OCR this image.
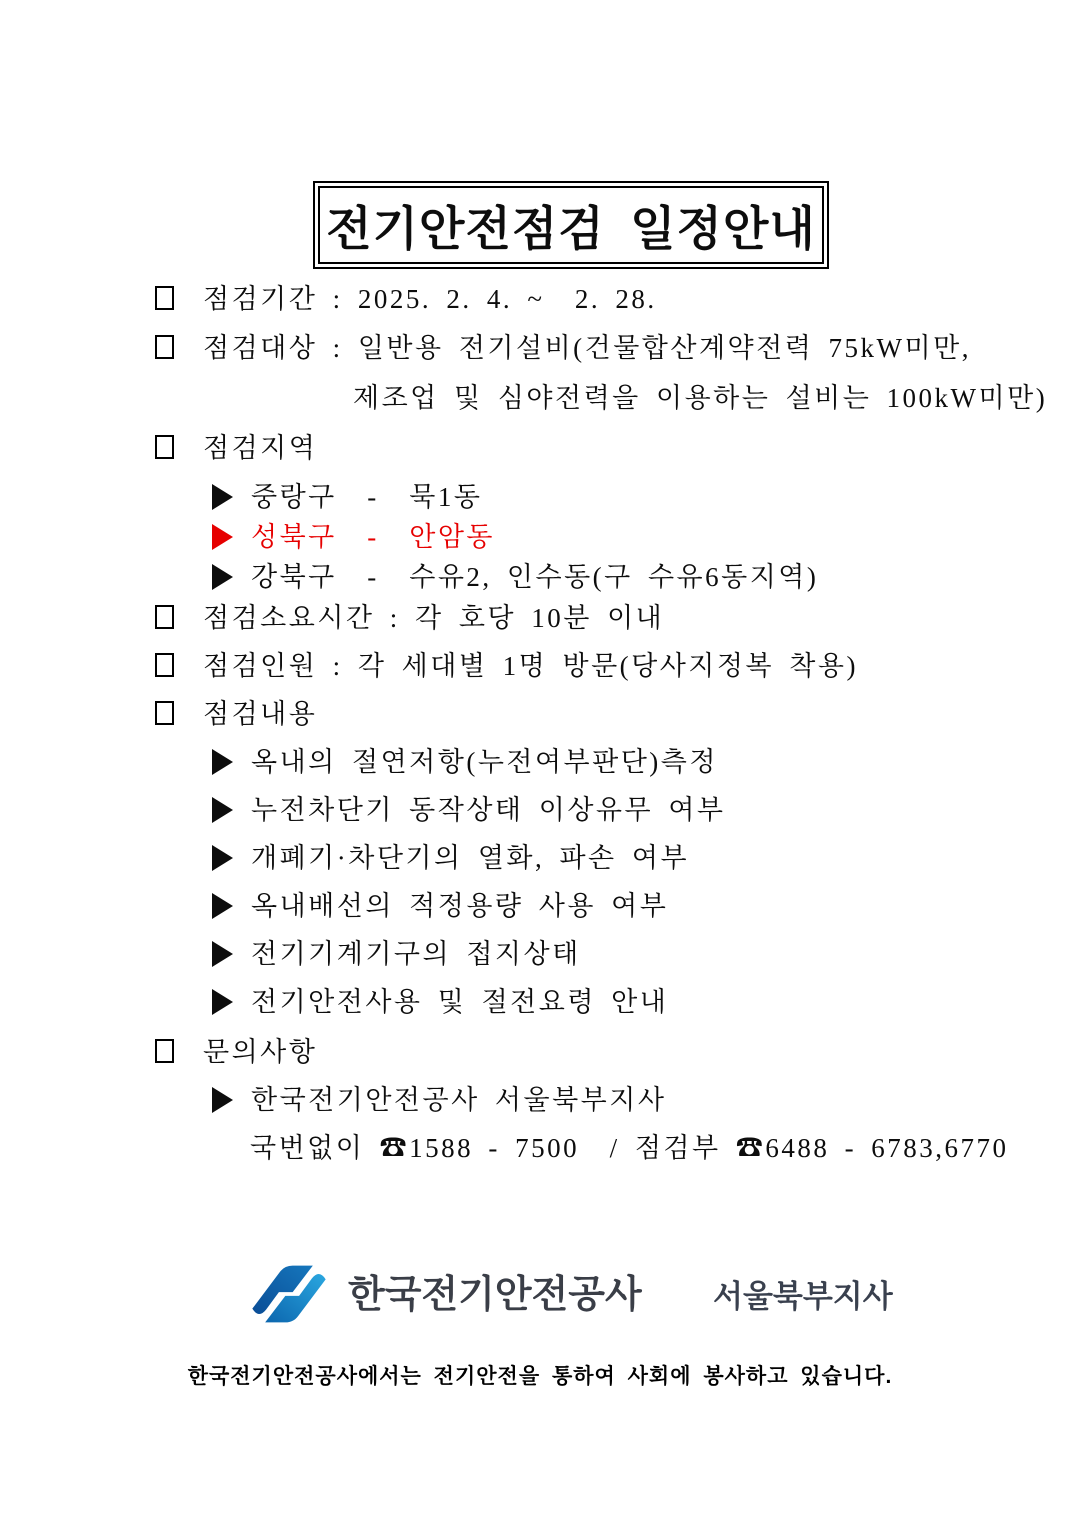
전기안전점검  일정안내
점검기간 : 2025. 2. 4. ~  2. 28.
점검대상 : 일반용 전기설비(건물합산계약전력 75kW미만,
제조업 및 심야전력을 이용하는 설비는 100kW미만)
점검지역
중랑구  -  묵1동
성북구  -  안암동
강북구  -  수유2, 인수동(구 수유6동지역)
점검소요시간 : 각 호당 10분 이내
점검인원 : 각 세대별 1명 방문(당사지정복 착용)
점검내용
옥내의 절연저항(누전여부판단)측정
누전차단기 동작상태 이상유무 여부
개폐기·차단기의 열화, 파손 여부
옥내배선의 적정용량 사용 여부
전기기계기구의 접지상태
전기안전사용 및 절전요령 안내
문의사항
한국전기안전공사 서울북부지사
국번없이 ☎1588 - 7500  / 점검부 ☎6488 - 6783,6770
한국전기안전공사 서울북부지사
한국전기안전공사에서는 전기안전을 통하여 사회에 봉사하고 있습니다.
